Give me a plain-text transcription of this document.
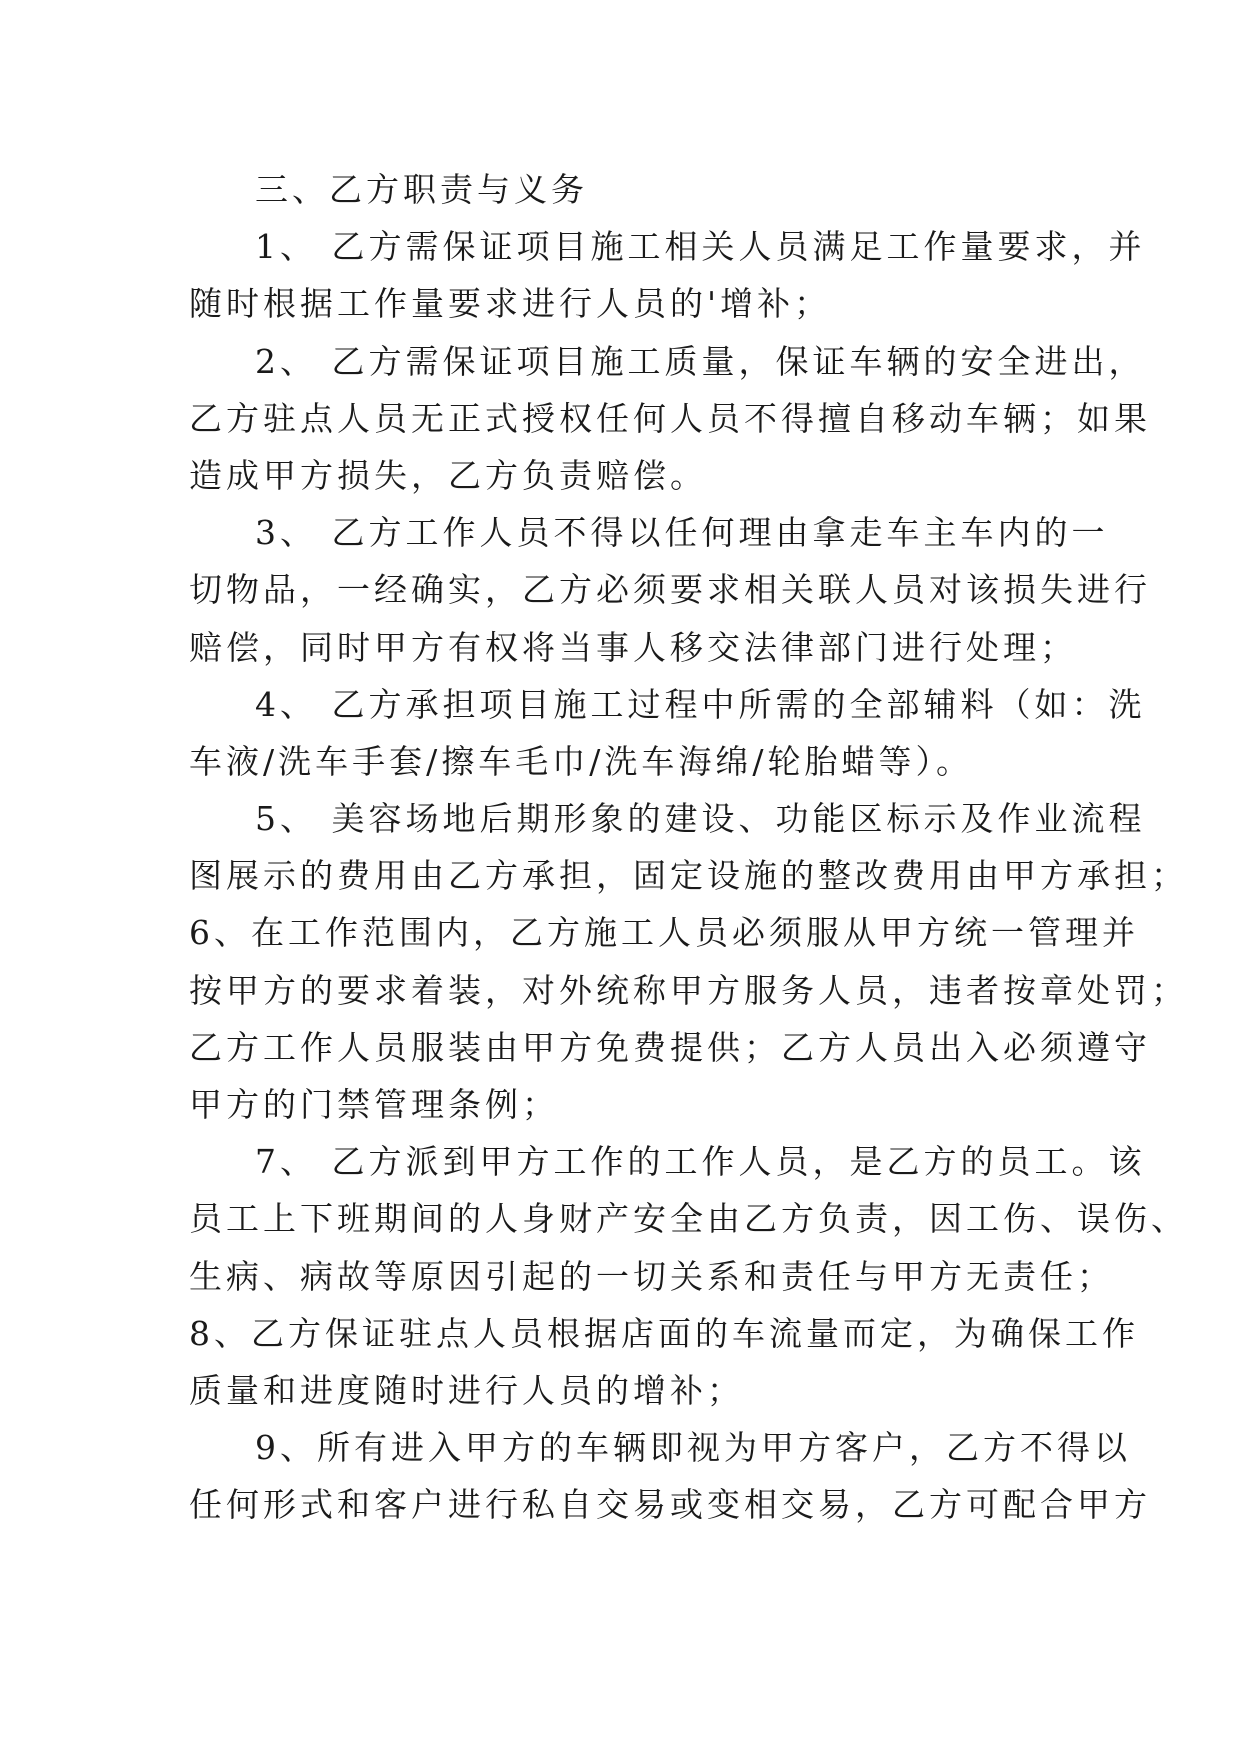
三、乙方职责与义务
1、 乙方需保证项目施工相关人员满足工作量要求，并
随时根据工作量要求进行人员的'增补；
2、 乙方需保证项目施工质量，保证车辆的安全进出，
乙方驻点人员无正式授权任何人员不得擅自移动车辆；如果
造成甲方损失，乙方负责赔偿。
3、 乙方工作人员不得以任何理由拿走车主车内的一
切物品，一经确实，乙方必须要求相关联人员对该损失进行
赔偿，同时甲方有权将当事人移交法律部门进行处理；
4、 乙方承担项目施工过程中所需的全部辅料（如：洗
车液/洗车手套/擦车毛巾/洗车海绵/轮胎蜡等）。
5、 美容场地后期形象的建设、功能区标示及作业流程
图展示的费用由乙方承担，固定设施的整改费用由甲方承担；
6、在工作范围内，乙方施工人员必须服从甲方统一管理并
按甲方的要求着装，对外统称甲方服务人员，违者按章处罚；
乙方工作人员服装由甲方免费提供；乙方人员出入必须遵守
甲方的门禁管理条例；
7、 乙方派到甲方工作的工作人员，是乙方的员工。该
员工上下班期间的人身财产安全由乙方负责，因工伤、误伤、
生病、病故等原因引起的一切关系和责任与甲方无责任；
8、乙方保证驻点人员根据店面的车流量而定，为确保工作
质量和进度随时进行人员的增补；
9、所有进入甲方的车辆即视为甲方客户，乙方不得以
任何形式和客户进行私自交易或变相交易，乙方可配合甲方
